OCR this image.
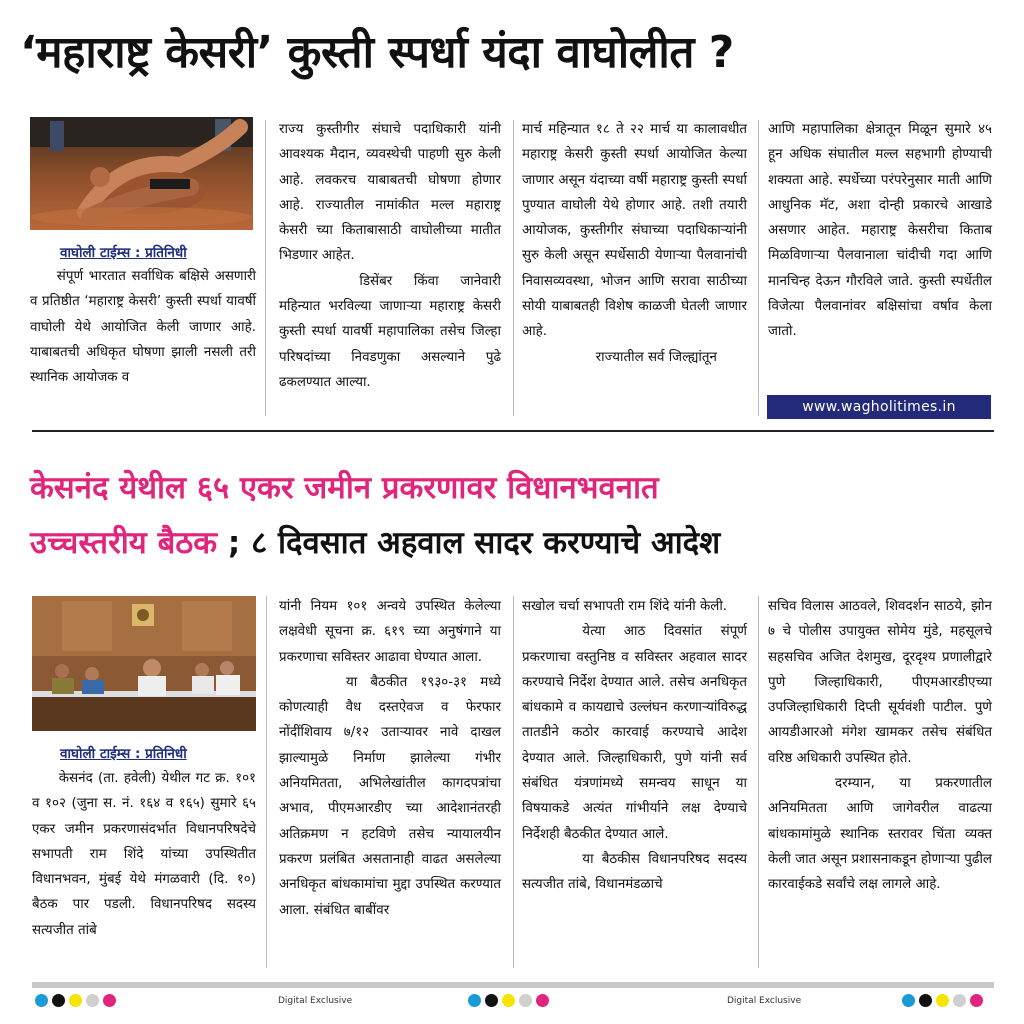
‘महाराष्ट्र केसरी’ कुस्ती स्पर्धा यंदा वाघोलीत ?
वाघोली टाईम्स : प्रतिनिधी

संपूर्ण भारतात सर्वाधिक बक्षिसे असणारी व प्रतिष्ठीत ‘महाराष्ट्र केसरी’ कुस्ती स्पर्धा यावर्षी वाघोली येथे आयोजित केली जाणार आहे. याबाबतची अधिकृत घोषणा झाली नसली तरी स्थानिक आयोजक व

राज्य कुस्तीगीर संघाचे पदाधिकारी यांनी आवश्यक मैदान, व्यवस्थेची पाहणी सुरु केली आहे. लवकरच याबाबतची घोषणा होणार आहे. राज्यातील नामांकीत मल्ल महाराष्ट्र केसरी च्या किताबासाठी वाघोलीच्या मातीत भिडणार आहेत.

डिसेंबर किंवा जानेवारी महिन्यात भरविल्या जाणाऱ्या महाराष्ट्र केसरी कुस्ती स्पर्धा यावर्षी महापालिका तसेच जिल्हा परिषदांच्या निवडणुका असल्याने पुढे ढकलण्यात आल्या.

मार्च महिन्यात १८ ते २२ मार्च या कालावधीत महाराष्ट्र केसरी कुस्ती स्पर्धा आयोजित केल्या जाणार असून यंदाच्या वर्षी महाराष्ट्र कुस्ती स्पर्धा पुण्यात वाघोली येथे होणार आहे. तशी तयारी आयोजक, कुस्तीगीर संघाच्या पदाधिकाऱ्यांनी सुरु केली असून स्पर्धेसाठी येणाऱ्या पैलवानांची निवासव्यवस्था, भोजन आणि सरावा साठीच्या सोयी याबाबतही विशेष काळजी घेतली जाणार आहे.

राज्यातील सर्व जिल्ह्यांतून

आणि महापालिका क्षेत्रातून मिळून सुमारे ४५ हून अधिक संघातील मल्ल सहभागी होण्याची शक्यता आहे. स्पर्धेच्या परंपरेनुसार माती आणि आधुनिक मॅट, अशा दोन्ही प्रकारचे आखाडे असणार आहेत. महाराष्ट्र केसरीचा किताब मिळविणाऱ्या पैलवानाला चांदीची गदा आणि मानचिन्ह देऊन गौरविले जाते. कुस्ती स्पर्धेतील विजेत्या पैलवानांवर बक्षिसांचा वर्षाव केला जातो.

www.wagholitimes.in
केसनंद येथील ६५ एकर जमीन प्रकरणावर विधानभवनात
उच्चस्तरीय बैठक ; ८ दिवसात अहवाल सादर करण्याचे आदेश
वाघोली टाईम्स : प्रतिनिधी

केसनंद (ता. हवेली) येथील गट क्र. १०१ व १०२ (जुना स. नं. १६४ व १६५) सुमारे ६५ एकर जमीन प्रकरणासंदर्भात विधानपरिषदेचे सभापती राम शिंदे यांच्या उपस्थितीत विधानभवन, मुंबई येथे मंगळवारी (दि. १०) बैठक पार पडली. विधानपरिषद सदस्य सत्यजीत तांबे

यांनी नियम १०१ अन्वये उपस्थित केलेल्या लक्षवेधी सूचना क्र. ६१९ च्या अनुषंगाने या प्रकरणाचा सविस्तर आढावा घेण्यात आला.

या बैठकीत १९३०-३१ मध्ये कोणत्याही वैध दस्तऐवज व फेरफार नोंदींशिवाय ७/१२ उताऱ्यावर नावे दाखल झाल्यामुळे निर्माण झालेल्या गंभीर अनियमितता, अभिलेखांतील कागदपत्रांचा अभाव, पीएमआरडीए च्या आदेशानंतरही अतिक्रमण न हटविणे तसेच न्यायालयीन प्रकरण प्रलंबित असतानाही वाढत असलेल्या अनधिकृत बांधकामांचा मुद्दा उपस्थित करण्यात आला. संबंधित बाबींवर

सखोल चर्चा सभापती राम शिंदे यांनी केली.

येत्या आठ दिवसांत संपूर्ण प्रकरणाचा वस्तुनिष्ठ व सविस्तर अहवाल सादर करण्याचे निर्देश देण्यात आले. तसेच अनधिकृत बांधकामे व कायद्याचे उल्लंघन करणाऱ्यांविरुद्ध तातडीने कठोर कारवाई करण्याचे आदेश देण्यात आले. जिल्हाधिकारी, पुणे यांनी सर्व संबंधित यंत्रणांमध्ये समन्वय साधून या विषयाकडे अत्यंत गांभीर्याने लक्ष देण्याचे निर्देशही बैठकीत देण्यात आले.

या बैठकीस विधानपरिषद सदस्य सत्यजीत तांबे, विधानमंडळाचे

सचिव विलास आठवले, शिवदर्शन साठये, झोन ७ चे पोलीस उपायुक्त सोमेय मुंडे, महसूलचे सहसचिव अजित देशमुख, दूरदृश्य प्रणालीद्वारे पुणे जिल्हाधिकारी, पीएमआरडीएच्या उपजिल्हाधिकारी दिप्ती सूर्यवंशी पाटील. पुणे आयडीआरओ मंगेश खामकर तसेच संबंधित वरिष्ठ अधिकारी उपस्थित होते.

दरम्यान, या प्रकरणातील अनियमितता आणि जागेवरील वाढत्या बांधकामांमुळे स्थानिक स्तरावर चिंता व्यक्त केली जात असून प्रशासनाकडून होणाऱ्या पुढील कारवाईकडे सर्वांचे लक्ष लागले आहे.

Digital Exclusive	Digital Exclusive
